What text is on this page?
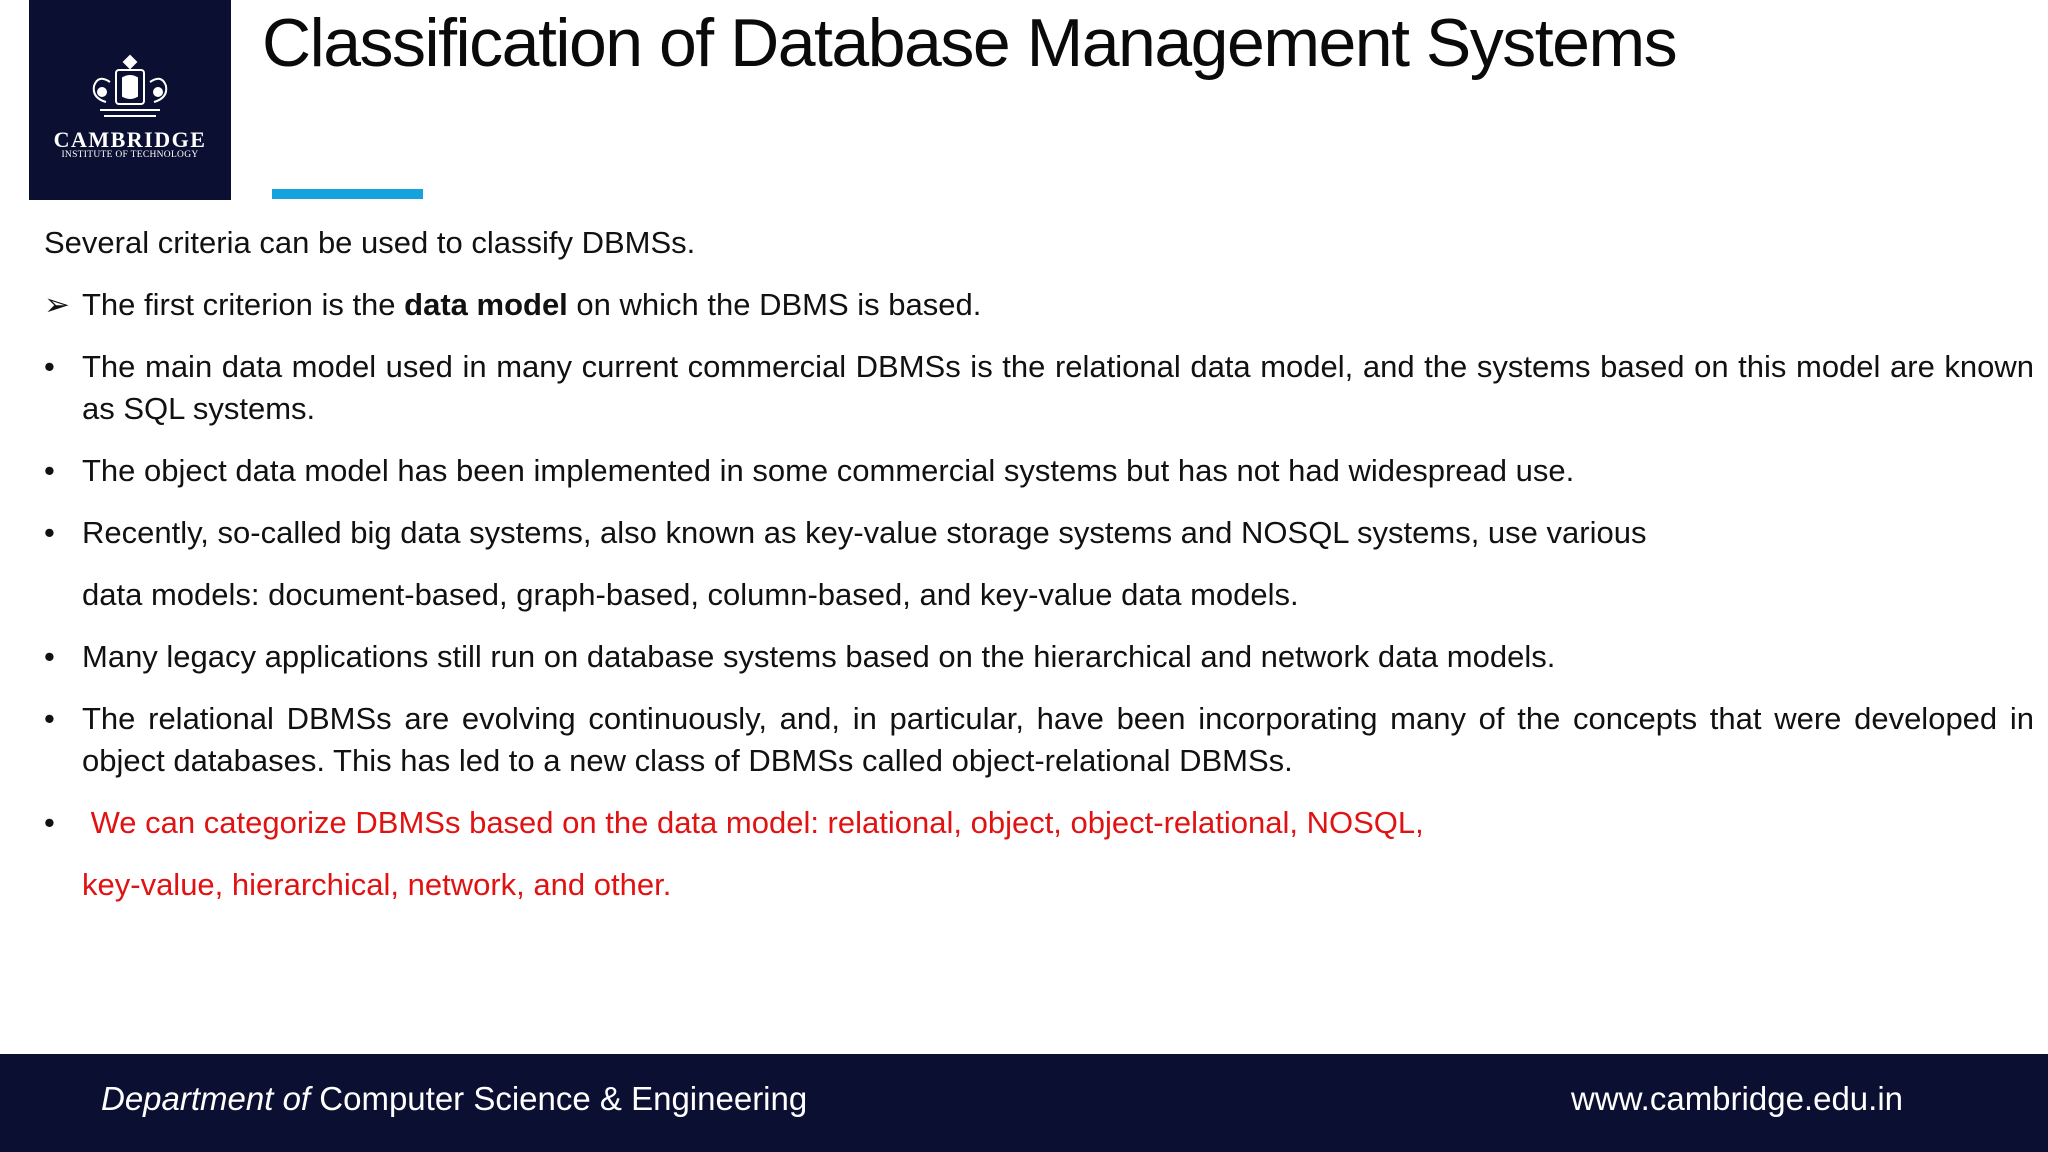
CAMBRIDGE
INSTITUTE OF TECHNOLOGY
Classification of Database Management Systems

Several criteria can be used to classify DBMSs.

➢ The first criterion is the data model on which the DBMS is based.
• The main data model used in many current commercial DBMSs is the relational data model, and the systems based on this model are known as SQL systems.
• The object data model has been implemented in some commercial systems but has not had widespread use.
• Recently, so-called big data systems, also known as key-value storage systems and NOSQL systems, use various
data models: document-based, graph-based, column-based, and key-value data models.
• Many legacy applications still run on database systems based on the hierarchical and network data models.
• The relational DBMSs are evolving continuously, and, in particular, have been incorporating many of the concepts that were developed in object databases. This has led to a new class of DBMSs called object-relational DBMSs.
• We can categorize DBMSs based on the data model: relational, object, object-relational, NOSQL,
key-value, hierarchical, network, and other.
Department of Computer Science & Engineering	www.cambridge.edu.in
